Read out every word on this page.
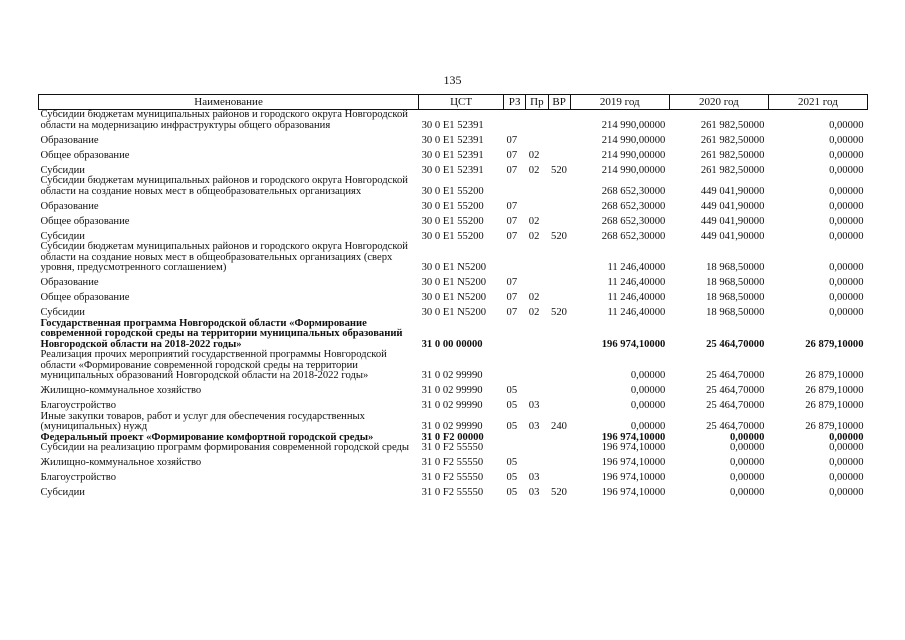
135
Наименование	ЦСТ	РЗ	Пр	ВР	2019 год	2020 год	2021 год
Субсидии бюджетам муниципальных районов и городского округа Новгородской области на модернизацию инфраструктуры общего образования	30 0 Е1 52391				214 990,00000	261 982,50000	0,00000
Образование	30 0 Е1 52391	07			214 990,00000	261 982,50000	0,00000
Общее образование	30 0 Е1 52391	07	02		214 990,00000	261 982,50000	0,00000
Субсидии	30 0 Е1 52391	07	02	520	214 990,00000	261 982,50000	0,00000
Субсидии бюджетам муниципальных районов и городского округа Новгородской области на создание новых мест в общеобразовательных организациях	30 0 Е1 55200				268 652,30000	449 041,90000	0,00000
Образование	30 0 Е1 55200	07			268 652,30000	449 041,90000	0,00000
Общее образование	30 0 Е1 55200	07	02		268 652,30000	449 041,90000	0,00000
Субсидии	30 0 Е1 55200	07	02	520	268 652,30000	449 041,90000	0,00000
Субсидии бюджетам муниципальных районов и городского округа Новгородской области на создание новых мест в общеобразовательных организациях (сверх уровня, предусмотренного соглашением)	30 0 Е1 N5200				11 246,40000	18 968,50000	0,00000
Образование	30 0 Е1 N5200	07			11 246,40000	18 968,50000	0,00000
Общее образование	30 0 Е1 N5200	07	02		11 246,40000	18 968,50000	0,00000
Субсидии	30 0 Е1 N5200	07	02	520	11 246,40000	18 968,50000	0,00000
Государственная программа Новгородской области «Формирование современной городской среды на территории муниципальных образований Новгородской области на 2018-2022 годы»	31 0 00 00000				196 974,10000	25 464,70000	26 879,10000
Реализация прочих мероприятий государственной программы Новгородской области «Формирование современной городской среды на территории муниципальных образований Новгородской области на 2018-2022 годы»	31 0 02 99990				0,00000	25 464,70000	26 879,10000
Жилищно-коммунальное хозяйство	31 0 02 99990	05			0,00000	25 464,70000	26 879,10000
Благоустройство	31 0 02 99990	05	03		0,00000	25 464,70000	26 879,10000
Иные закупки товаров, работ и услуг для обеспечения государственных (муниципальных) нужд	31 0 02 99990	05	03	240	0,00000	25 464,70000	26 879,10000
Федеральный проект «Формирование комфортной городской среды»	31 0 F2 00000				196 974,10000	0,00000	0,00000
Субсидии на реализацию программ формирования современной городской среды	31 0 F2 55550				196 974,10000	0,00000	0,00000
Жилищно-коммунальное хозяйство	31 0 F2 55550	05			196 974,10000	0,00000	0,00000
Благоустройство	31 0 F2 55550	05	03		196 974,10000	0,00000	0,00000
Субсидии	31 0 F2 55550	05	03	520	196 974,10000	0,00000	0,00000
